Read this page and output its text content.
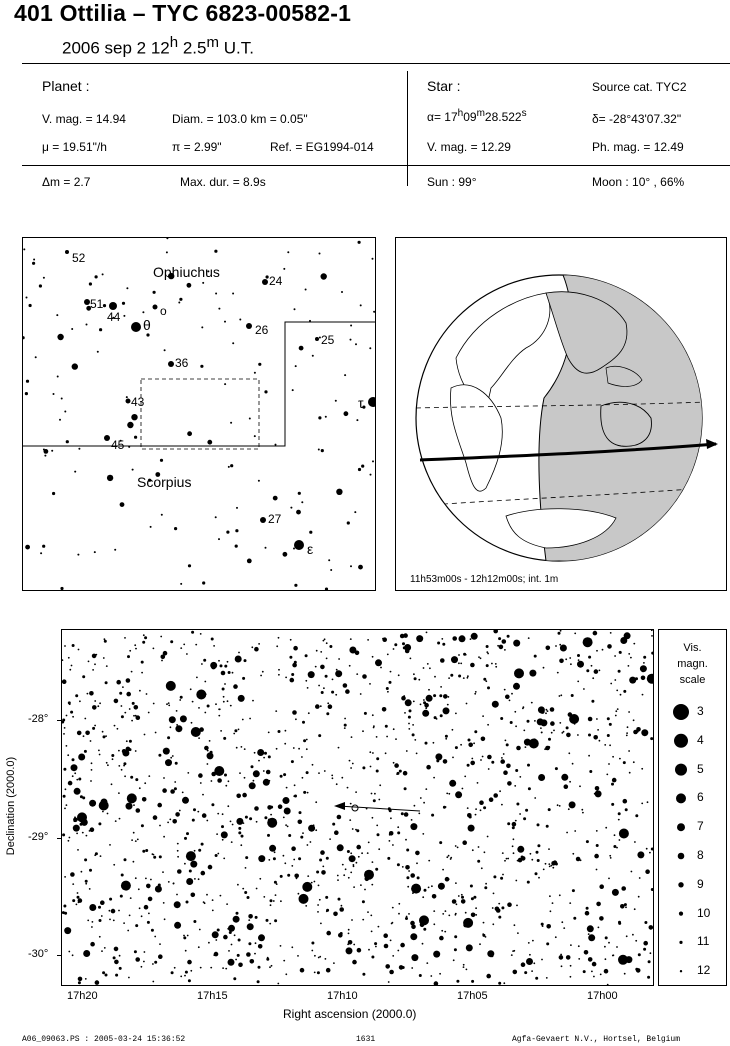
401 Ottilia – TYC 6823-00582-1
2006 sep 2 12$^h$ 2.5$^m$ U.T.
Planet :
V. mag. = 14.94	Diam. = 103.0 km = 0.05"
μ = 19.51"/h	π = 2.99"	Ref. = EG1994-014
Star :	Source cat. TYC2
$\alpha= 17^h09^m28.522^s$	δ= -28°43'07.32"
V. mag. = 12.29	Ph. mag. = 12.49
Δm = 2.7	Max. dur. = 8.9s	Sun : 99°	Moon : 10° , 66%
Ophiuchus
Scorpius
52
24
51
44	o
θ	26
25
36
43	τ
45
27
ε
11h53m00s - 12h12m00s; int. 1m
-28°
-29°
-30°
Declination (2000.0)
17h20	17h15	17h10	17h05	17h00
Right ascension (2000.0)
Vis.
magn.
scale
3
4
5
6
7
8
9
10
11
12
A06_09063.PS : 2005-03-24 15:36:52	1631	Agfa-Gevaert N.V., Hortsel, Belgium
